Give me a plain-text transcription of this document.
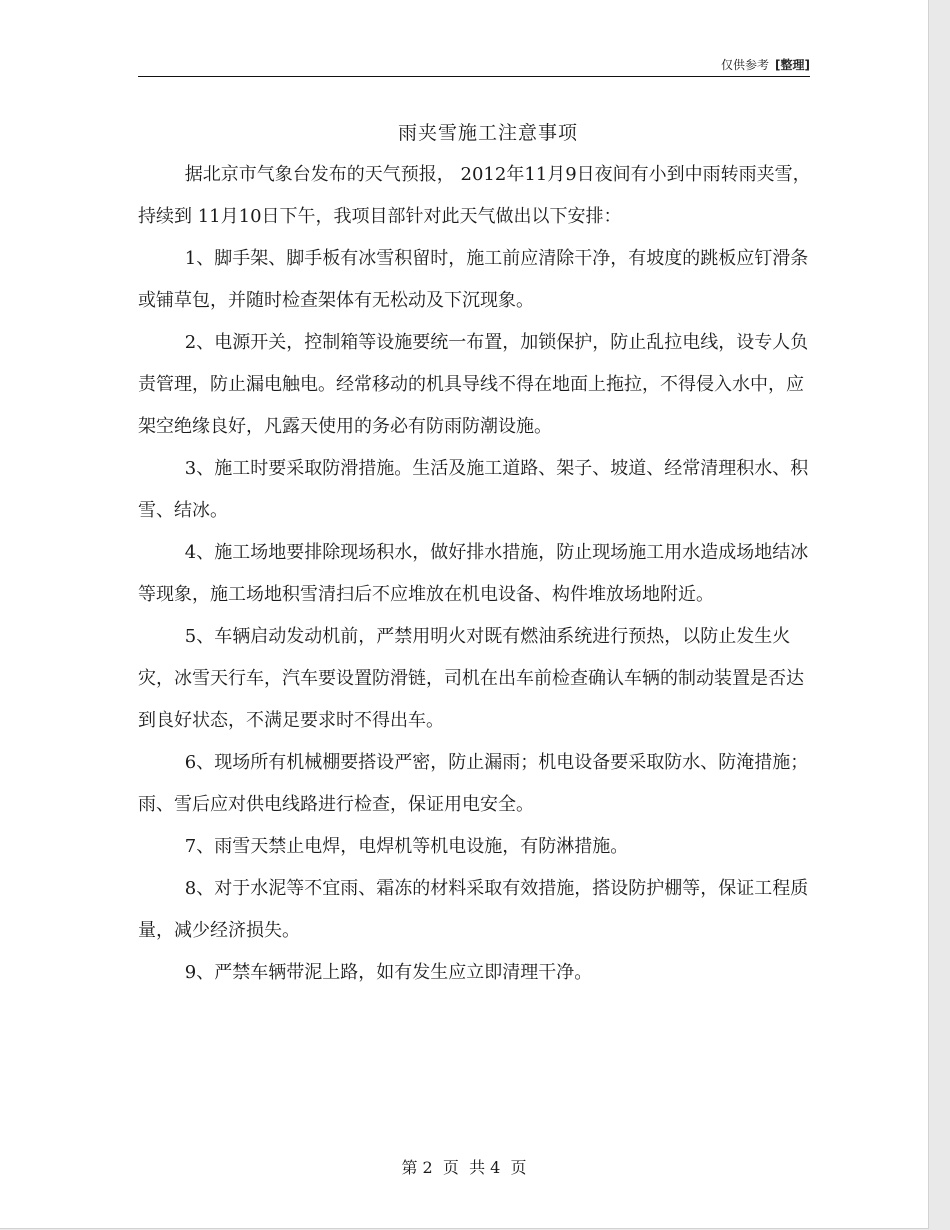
仅供参考 [整理]
雨夹雪施工注意事项

据北京市气象台发布的天气预报， 2012年11月9日夜间有小到中雨转雨夹雪，持续到 11月10日下午，我项目部针对此天气做出以下安排：

1、脚手架、脚手板有冰雪积留时，施工前应清除干净，有坡度的跳板应钉滑条或铺草包，并随时检查架体有无松动及下沉现象。

2、电源开关，控制箱等设施要统一布置，加锁保护，防止乱拉电线，设专人负责管理，防止漏电触电。经常移动的机具导线不得在地面上拖拉，不得侵入水中，应架空绝缘良好，凡露天使用的务必有防雨防潮设施。

3、施工时要采取防滑措施。生活及施工道路、架子、坡道、经常清理积水、积雪、结冰。

4、施工场地要排除现场积水，做好排水措施，防止现场施工用水造成场地结冰等现象，施工场地积雪清扫后不应堆放在机电设备、构件堆放场地附近。

5、车辆启动发动机前，严禁用明火对既有燃油系统进行预热，以防止发生火灾，冰雪天行车，汽车要设置防滑链，司机在出车前检查确认车辆的制动装置是否达到良好状态，不满足要求时不得出车。

6、现场所有机械棚要搭设严密，防止漏雨；机电设备要采取防水、防淹措施；雨、雪后应对供电线路进行检查，保证用电安全。

7、雨雪天禁止电焊，电焊机等机电设施，有防淋措施。

8、对于水泥等不宜雨、霜冻的材料采取有效措施，搭设防护棚等，保证工程质量，减少经济损失。

9、严禁车辆带泥上路，如有发生应立即清理干净。

第 2  页  共 4  页
